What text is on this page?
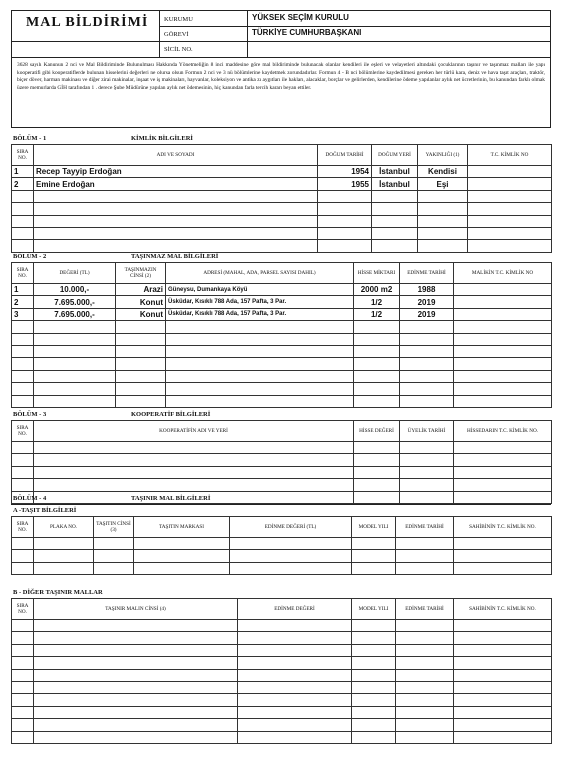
MAL BİLDİRİMİ	KURUMU	YÜKSEK SEÇİM KURULU
GÖREVİ	TÜRKİYE CUMHURBAŞKANI
SİCİL NO.
3628 sayılı Kanunun 2 nci ve Mal Bildiriminde Bulunulması Hakkında Yönetmeliğin 8 inci maddesine göre mal bildiriminde bulunacak olanlar kendileri ile eşleri ve velayetleri altındaki çocuklarının taşınır ve taşınmaz malları ile yapı kooperatifi gibi kooperatiflerde bulunan hisselerini değerleri ne olursa olsun Formun 2 nci ve 3 nü bölümlerine kaydetmek zorundadırlar. Formun 4 - B nci bölümlerine kaydedilmesi gereken her türlü kara, deniz ve hava taşıt araçları, traktör, biçer döver, harman makinası ve diğer zirai makinalar, inşaat ve iş makinaları, hayvanlar, koleksiyon ve antika zı aygıtları ile hakları, alacaklar, borçlar ve gelirlerden, kendilerine ödeme yapılanlar aylık net ücretlerinin, bu kanundan farklı olmak üzere memurlarda GİH tarafından 1 . derece Şube Müdürüne yapılan aylık net ödemesinin, hiç kanundan farla tercih kararı beyan ettiler.
BÖLÜM - 1	KİMLİK BİLGİLERİ
SIRA NO.	ADI VE SOYADI	DOĞUM TARİHİ	DOĞUM YERİ	YAKINLIĞI (1)	T.C. KİMLİK NO
1	Recep Tayyip Erdoğan	1954	İstanbul	Kendisi	
2	Emine Erdoğan	1955	İstanbul	Eşi	

BÖLÜM - 2	TAŞINMAZ MAL BİLGİLERİ
SIRA NO.	DEĞERİ (TL)	TAŞINMAZIN CİNSİ (2)	ADRESİ (MAHAL, ADA, PARSEL SAYISI DAHIL)	HİSSE MİKTARI	EDİNME TARİHİ	MALİKİN T.C. KİMLİK NO
1	10.000,-	Arazi	Güneysu, Dumankaya Köyü	2000 m2	1988	
2	7.695.000,-	Konut	Üsküdar, Kısıklı 788 Ada, 157 Pafta, 3 Par.	1/2	2019	
3	7.695.000,-	Konut	Üsküdar, Kısıklı 788 Ada, 157 Pafta, 3 Par.	1/2	2019	

BÖLÜM - 3	KOOPERATİF BİLGİLERİ
SIRA NO.	KOOPERATİFİN ADI VE YERİ	HİSSE DEĞERİ	ÜYELİK TARİHİ	HİSSEDARIN T.C. KİMLİK NO.

BÖLÜM - 4	TAŞINIR MAL BİLGİLERİ
A -TAŞIT BİLGİLERİ
SIRA NO.	PLAKA NO.	TAŞITIN CİNSİ (3)	TAŞITIN MARKASI	EDİNME DEĞERİ (TL)	MODEL YILI	EDİNME TARİHİ	SAHİBİNİN T.C. KİMLİK NO.

B - DİĞER TAŞINIR MALLAR
SIRA NO.	TAŞINIR MALIN CİNSİ (4)	EDİNME DEĞERİ	MODEL YILI	EDİNME TARİHİ	SAHİBİNİN T.C. KİMLİK NO.
